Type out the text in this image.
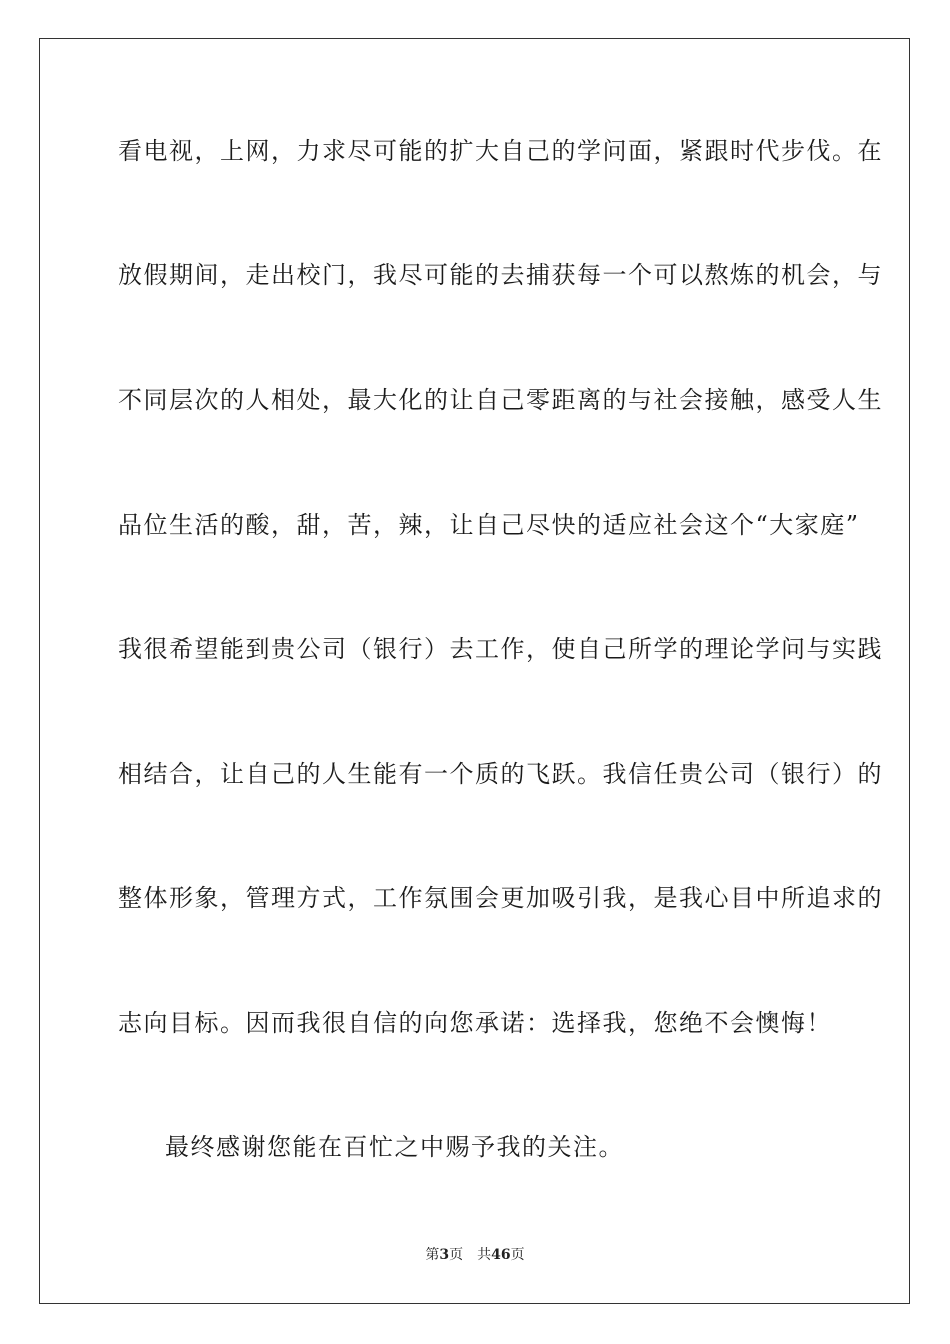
看电视，上网，力求尽可能的扩大自己的学问面，紧跟时代步伐。在
放假期间，走出校门，我尽可能的去捕获每一个可以熬炼的机会，与
不同层次的人相处，最大化的让自己零距离的与社会接触，感受人生
品位生活的酸，甜，苦，辣，让自己尽快的适应社会这个“大家庭”
我很希望能到贵公司（银行）去工作，使自己所学的理论学问与实践
相结合，让自己的人生能有一个质的飞跃。我信任贵公司（银行）的
整体形象，管理方式，工作氛围会更加吸引我，是我心目中所追求的
志向目标。因而我很自信的向您承诺：选择我，您绝不会懊悔！
最终感谢您能在百忙之中赐予我的关注。
第3页 共46页
